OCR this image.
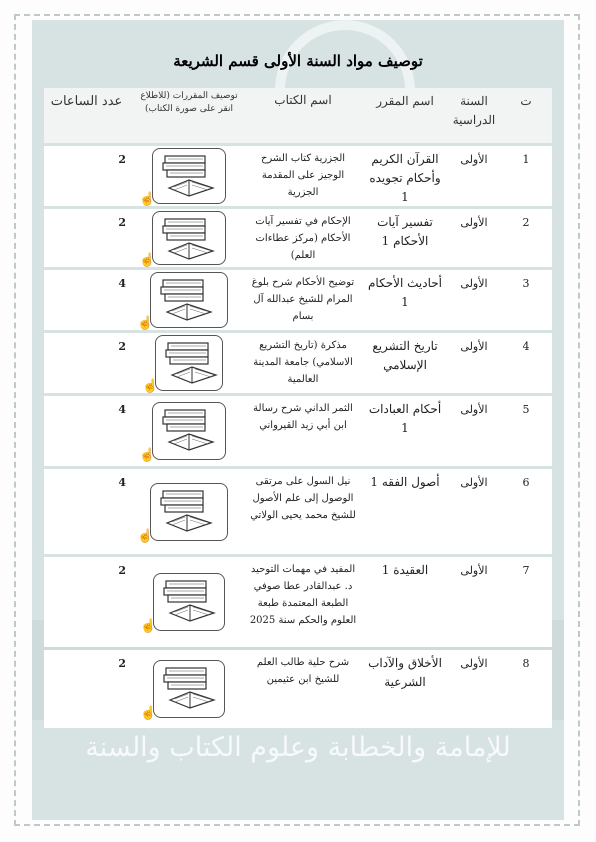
للإمامة والخطابة وعلوم الكتاب والسنة
توصيف مواد السنة الأولى قسم الشريعة
ت
السنة الدراسية
اسم المقرر
اسم الكتاب
توصيف المقررات (للاطلاع انقر على صورة الكتاب)
عدد الساعات
1
الأولى
القرآن الكريم وأحكام تجويده 1
الجزرية كتاب الشرح الوجيز على المقدمة الجزرية
☝
2
2
الأولى
تفسير آيات الأحكام 1
الإحكام في تفسير آيات الأحكام (مركز عطاءات العلم)
☝
2
3
الأولى
أحاديث الأحكام 1
توضيح الأحكام شرح بلوغ المرام للشيخ عبدالله آل بسام
☝
4
4
الأولى
تاريخ التشريع الإسلامي
مذكرة (تاريخ التشريع الاسلامي) جامعة المدينة العالمية
☝
2
5
الأولى
أحكام العبادات 1
الثمر الداني شرح رسالة ابن أبي زيد القيرواني
☝
4
6
الأولى
أصول الفقه 1
نيل السول على مرتقى الوصول إلى علم الأصول للشيخ محمد يحيى الولاتي
☝
4
7
الأولى
العقيدة 1
المفيد في مهمات التوحيد د. عبدالقادر عطا صوفي الطبعة المعتمدة طبعة العلوم والحكم سنة 2025
☝
2
8
الأولى
الأخلاق والآداب الشرعية
شرح حلية طالب العلم للشيخ ابن عثيمين
☝
2
